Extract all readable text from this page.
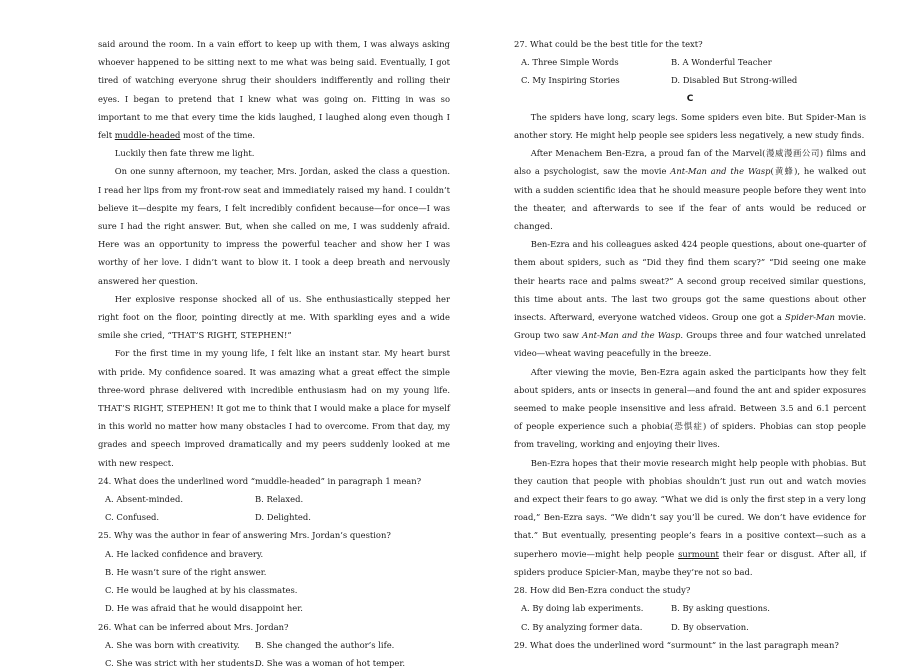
said around the room. In a vain effort to keep up with them, I was always asking whoever happened to be sitting next to me what was being said. Eventually, I got tired of watching everyone shrug their shoulders indifferently and rolling their eyes. I began to pretend that I knew what was going on. Fitting in was so important to me that every time the kids laughed, I laughed along even though I felt muddle-headed most of the time.

Luckily then fate threw me light.

On one sunny afternoon, my teacher, Mrs. Jordan, asked the class a question. I read her lips from my front-row seat and immediately raised my hand. I couldn’t believe it—despite my fears, I felt incredibly confident because—for once—I was sure I had the right answer. But, when she called on me, I was suddenly afraid. Here was an opportunity to impress the powerful teacher and show her I was worthy of her love. I didn’t want to blow it. I took a deep breath and nervously answered her question.

Her explosive response shocked all of us. She enthusiastically stepped her right foot on the floor, pointing directly at me. With sparkling eyes and a wide smile she cried, “THAT’S RIGHT, STEPHEN!”

For the first time in my young life, I felt like an instant star. My heart burst with pride. My confidence soared. It was amazing what a great effect the simple three-word phrase delivered with incredible enthusiasm had on my young life. THAT’S RIGHT, STEPHEN! It got me to think that I would make a place for myself in this world no matter how many obstacles I had to overcome. From that day, my grades and speech improved dramatically and my peers suddenly looked at me with new respect.

24. What does the underlined word “muddle-headed” in paragraph 1 mean?

A. Absent-minded.	B. Relaxed.
C. Confused.	D. Delighted.

25. Why was the author in fear of answering Mrs. Jordan’s question?

A. He lacked confidence and bravery.

B. He wasn’t sure of the right answer.

C. He would be laughed at by his classmates.

D. He was afraid that he would disappoint her.

26. What can be inferred about Mrs. Jordan?

A. She was born with creativity.	B. She changed the author’s life.
C. She was strict with her students.
D. She was a woman of hot temper.

27. What could be the best title for the text?

A. Three Simple Words	B. A Wonderful Teacher
C. My Inspiring Stories	D. Disabled But Strong-willed

C

The spiders have long, scary legs. Some spiders even bite. But Spider-Man is another story. He might help people see spiders less negatively, a new study finds.

After Menachem Ben-Ezra, a proud fan of the Marvel(漫威漫画公司) films and also a psychologist, saw the movie Ant-Man and the Wasp(黄蜂), he walked out with a sudden scientific idea that he should measure people before they went into the theater, and afterwards to see if the fear of ants would be reduced or changed.

Ben-Ezra and his colleagues asked 424 people questions, about one-quarter of them about spiders, such as “Did they find them scary?” “Did seeing one make their hearts race and palms sweat?” A second group received similar questions, this time about ants. The last two groups got the same questions about other insects. Afterward, everyone watched videos. Group one got a Spider-Man movie. Group two saw Ant-Man and the Wasp. Groups three and four watched unrelated video—wheat waving peacefully in the breeze.

After viewing the movie, Ben-Ezra again asked the participants how they felt about spiders, ants or insects in general—and found the ant and spider exposures seemed to make people insensitive and less afraid. Between 3.5 and 6.1 percent of people experience such a phobia(恐惧症) of spiders. Phobias can stop people from traveling, working and enjoying their lives.

Ben-Ezra hopes that their movie research might help people with phobias. But they caution that people with phobias shouldn’t just run out and watch movies and expect their fears to go away. “What we did is only the first step in a very long road,” Ben-Ezra says. “We didn’t say you’ll be cured. We don’t have evidence for that.” But eventually, presenting people’s fears in a positive context—such as a superhero movie—might help people surmount their fear or disgust. After all, if spiders produce Spicier-Man, maybe they’re not so bad.

28. How did Ben-Ezra conduct the study?

A. By doing lab experiments.	B. By asking questions.
C. By analyzing former data.	D. By observation.

29. What does the underlined word “surmount” in the last paragraph mean?
